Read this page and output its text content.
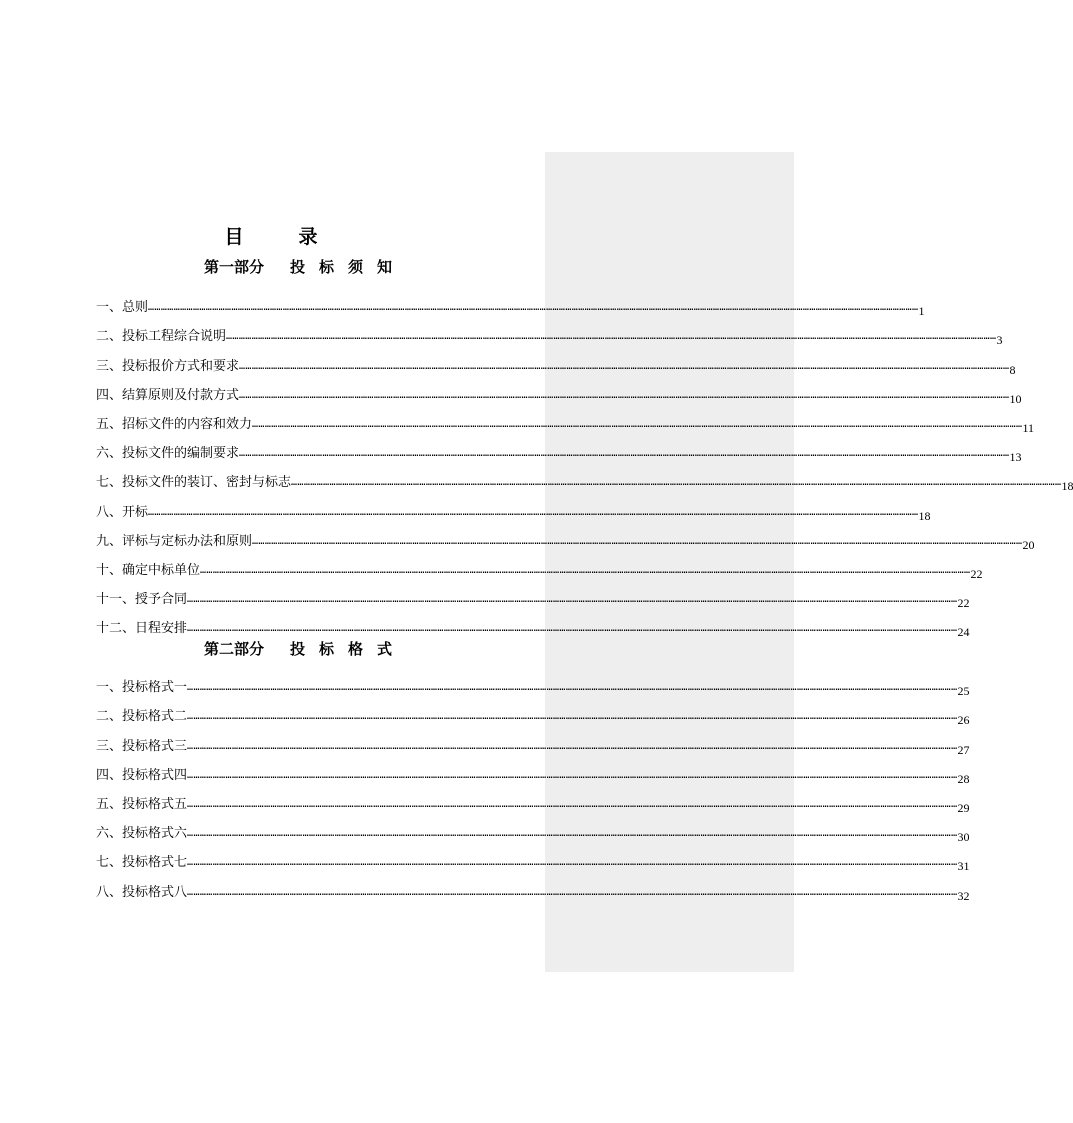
目	录
第一部分 投标须知
一、总则 ……………………………………………………………………………………………………………………………………………………………………………………………………………………………………………………………………………………………………………………………… 1
二、投标工程综合说明 ……………………………………………………………………………………………………………………………………………………………………………………………………………………………………………………………………………………………………………………………… 3
三、投标报价方式和要求 ……………………………………………………………………………………………………………………………………………………………………………………………………………………………………………………………………………………………………………………………… 8
四、结算原则及付款方式 ……………………………………………………………………………………………………………………………………………………………………………………………………………………………………………………………………………………………………………………………… 10
五、招标文件的内容和效力 ……………………………………………………………………………………………………………………………………………………………………………………………………………………………………………………………………………………………………………………………… 11
六、投标文件的编制要求 ……………………………………………………………………………………………………………………………………………………………………………………………………………………………………………………………………………………………………………………………… 13
七、投标文件的装订、密封与标志 ……………………………………………………………………………………………………………………………………………………………………………………………………………………………………………………………………………………………………………………………… 18
八、开标 ……………………………………………………………………………………………………………………………………………………………………………………………………………………………………………………………………………………………………………………………… 18
九、评标与定标办法和原则 ……………………………………………………………………………………………………………………………………………………………………………………………………………………………………………………………………………………………………………………………… 20
十、确定中标单位 ……………………………………………………………………………………………………………………………………………………………………………………………………………………………………………………………………………………………………………………………… 22
十一、授予合同 ……………………………………………………………………………………………………………………………………………………………………………………………………………………………………………………………………………………………………………………………… 22
十二、日程安排 ……………………………………………………………………………………………………………………………………………………………………………………………………………………………………………………………………………………………………………………………… 24
第二部分 投标格式
一、 投标格式一 ……………………………………………………………………………………………………………………………………………………………………………………………………………………………………………………………………………………………………………………………… 25
二、 投标格式二 ……………………………………………………………………………………………………………………………………………………………………………………………………………………………………………………………………………………………………………………………… 26
三、 投标格式三 ……………………………………………………………………………………………………………………………………………………………………………………………………………………………………………………………………………………………………………………………… 27
四、 投标格式四 ……………………………………………………………………………………………………………………………………………………………………………………………………………………………………………………………………………………………………………………………… 28
五、 投标格式五 ……………………………………………………………………………………………………………………………………………………………………………………………………………………………………………………………………………………………………………………………… 29
六、 投标格式六 ……………………………………………………………………………………………………………………………………………………………………………………………………………………………………………………………………………………………………………………………… 30
七、 投标格式七 ……………………………………………………………………………………………………………………………………………………………………………………………………………………………………………………………………………………………………………………………… 31
八、 投标格式八 ……………………………………………………………………………………………………………………………………………………………………………………………………………………………………………………………………………………………………………………………… 32
